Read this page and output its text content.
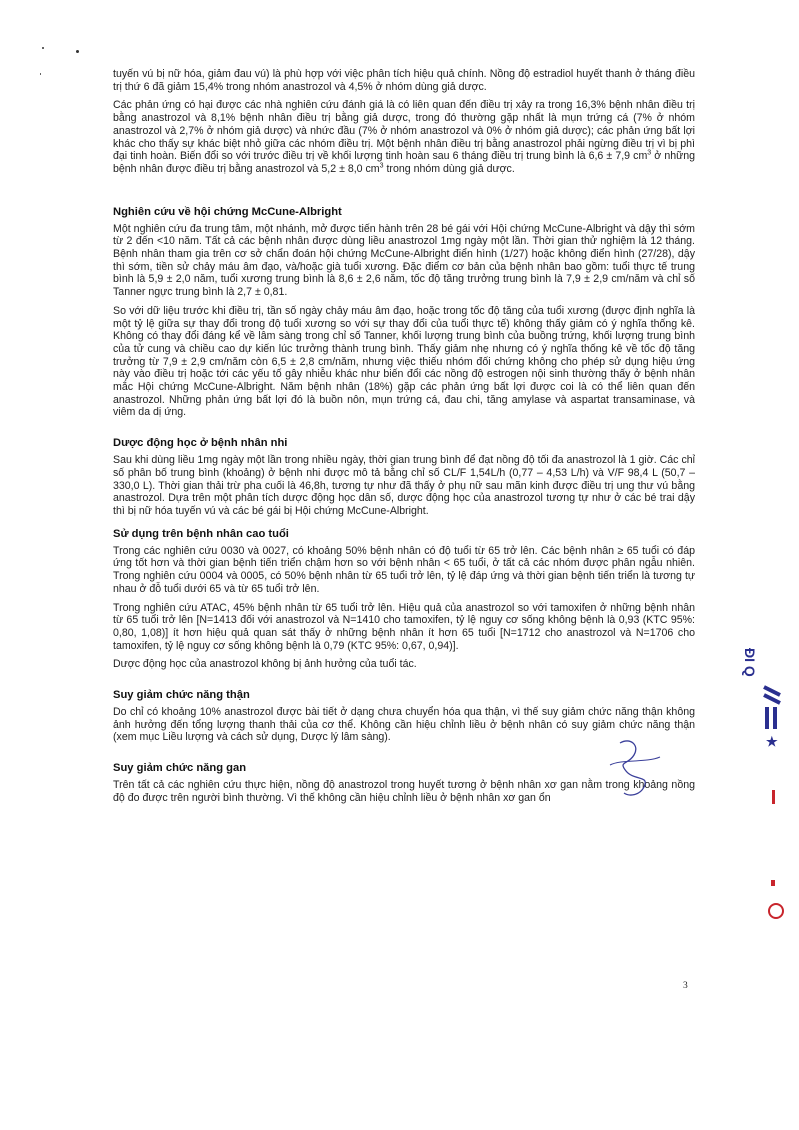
tuyến vú bị nữ hóa, giảm đau vú) là phù hợp với việc phân tích hiệu quả chính. Nồng độ estradiol huyết thanh ở tháng điều trị thứ 6 đã giảm 15,4% trong nhóm anastrozol và 4,5% ở nhóm dùng giả dược.

Các phản ứng có hại được các nhà nghiên cứu đánh giá là có liên quan đến điều trị xảy ra trong 16,3% bệnh nhân điều trị bằng anastrozol và 8,1% bệnh nhân điều trị bằng giả dược, trong đó thường gặp nhất là mụn trứng cá (7% ở nhóm anastrozol và 2,7% ở nhóm giả dược) và nhức đầu (7% ở nhóm anastrozol và 0% ở nhóm giả dược); các phản ứng bất lợi khác cho thấy sự khác biệt nhỏ giữa các nhóm điều trị. Một bệnh nhân điều trị bằng anastrozol phải ngừng điều trị vì bị phì đại tinh hoàn. Biến đổi so với trước điều trị về khối lượng tinh hoàn sau 6 tháng điều trị trung bình là 6,6 ± 7,9 $cm^3$ ở những bệnh nhân được điều trị bằng anastrozol và 5,2 ± 8,0 $cm^3$ trong nhóm dùng giả dược.

Nghiên cứu về hội chứng McCune-Albright

Một nghiên cứu đa trung tâm, một nhánh, mở được tiến hành trên 28 bé gái với Hội chứng McCune-Albright và dậy thì sớm từ 2 đến <10 năm. Tất cả các bệnh nhân được dùng liều anastrozol 1mg ngày một lần. Thời gian thử nghiệm là 12 tháng. Bệnh nhân tham gia trên cơ sở chẩn đoán hội chứng McCune-Albright điển hình (1/27) hoặc không điển hình (27/28), dậy thì sớm, tiền sử chảy máu âm đạo, và/hoặc già tuổi xương. Đặc điểm cơ bản của bệnh nhân bao gồm: tuổi thực tế trung bình là 5,9 ± 2,0 năm, tuổi xương trung bình là 8,6 ± 2,6 năm, tốc độ tăng trưởng trung bình là 7,9 ± 2,9 cm/năm và chỉ số Tanner ngực trung bình là 2,7 ± 0,81.

So với dữ liệu trước khi điều trị, tần số ngày chảy máu âm đạo, hoặc trong tốc độ tăng của tuổi xương (được định nghĩa là một tỷ lệ giữa sự thay đổi trong độ tuổi xương so với sự thay đổi của tuổi thực tế) không thấy giảm có ý nghĩa thống kê. Không có thay đổi đáng kể về lâm sàng trong chỉ số Tanner, khối lượng trung bình của buồng trứng, khối lượng trung bình của tử cung và chiều cao dự kiến lúc trưởng thành trung bình. Thấy giảm nhẹ nhưng có ý nghĩa thống kê về tốc độ tăng trưởng từ 7,9 ± 2,9 cm/năm còn 6,5 ± 2,8 cm/năm, nhưng việc thiếu nhóm đối chứng không cho phép sử dụng hiệu ứng này vào điều trị hoặc tới các yếu tố gây nhiễu khác như biến đổi các nồng độ estrogen nội sinh thường thấy ở bệnh nhân mắc Hội chứng McCune-Albright. Năm bệnh nhân (18%) gặp các phản ứng bất lợi được coi là có thể liên quan đến anastrozol. Những phản ứng bất lợi đó là buồn nôn, mụn trứng cá, đau chi, tăng amylase và aspartat transaminase, và viêm da dị ứng.

Dược động học ở bệnh nhân nhi

Sau khi dùng liều 1mg ngày một lần trong nhiều ngày, thời gian trung bình để đạt nồng độ tối đa anastrozol là 1 giờ. Các chỉ số phân bố trung bình (khoảng) ở bệnh nhi được mô tả bằng chỉ số CL/F 1,54L/h (0,77 – 4,53 L/h) và V/F 98,4 L (50,7 – 330,0 L). Thời gian thải trừ pha cuối là 46,8h, tương tự như đã thấy ở phụ nữ sau mãn kinh được điều trị ung thư vú bằng anastrozol. Dựa trên một phân tích dược động học dân số, dược động học của anastrozol tương tự như ở các bé trai dậy thì bị nữ hóa tuyến vú và các bé gái bị Hội chứng McCune-Albright.

Sử dụng trên bệnh nhân cao tuổi

Trong các nghiên cứu 0030 và 0027, có khoảng 50% bệnh nhân có độ tuổi từ 65 trở lên. Các bệnh nhân ≥ 65 tuổi có đáp ứng tốt hơn và thời gian bệnh tiến triển chậm hơn so với bệnh nhân < 65 tuổi, ở tất cả các nhóm được phân ngẫu nhiên. Trong nghiên cứu 0004 và 0005, có 50% bệnh nhân từ 65 tuổi trở lên, tỷ lệ đáp ứng và thời gian bệnh tiến triển là tương tự nhau ở đỗ tuổi dưới 65 và từ 65 tuổi trở lên.

Trong nghiên cứu ATAC, 45% bệnh nhân từ 65 tuổi trở lên. Hiệu quả của anastrozol so với tamoxifen ở những bệnh nhân từ 65 tuổi trở lên [N=1413 đối với anastrozol và N=1410 cho tamoxifen, tỷ lệ nguy cơ sống không bệnh là 0,93 (KTC 95%: 0,80, 1,08)] ít hơn hiệu quả quan sát thấy ở những bệnh nhân ít hơn 65 tuổi [N=1712 cho anastrozol và N=1706 cho tamoxifen, tỷ lệ nguy cơ sống không bệnh là 0,79 (KTC 95%: 0,67, 0,94)].

Dược động học của anastrozol không bị ảnh hưởng của tuổi tác.

Suy giảm chức năng thận

Do chỉ có khoảng 10% anastrozol được bài tiết ở dạng chưa chuyển hóa qua thận, vì thế suy giảm chức năng thận không ảnh hưởng đến tổng lượng thanh thải của cơ thể. Không cần hiệu chỉnh liều ở bệnh nhân có suy giảm chức năng thận (xem mục Liều lượng và cách sử dụng, Dược lý lâm sàng).

Suy giảm chức năng gan

Trên tất cả các nghiên cứu thực hiện, nồng độ anastrozol trong huyết tương ở bệnh nhân xơ gan nằm trong khoảng nồng độ đo được trên người bình thường. Vì thế không cần hiệu chỉnh liều ở bệnh nhân xơ gan ổn

3
ĐI Q
★
